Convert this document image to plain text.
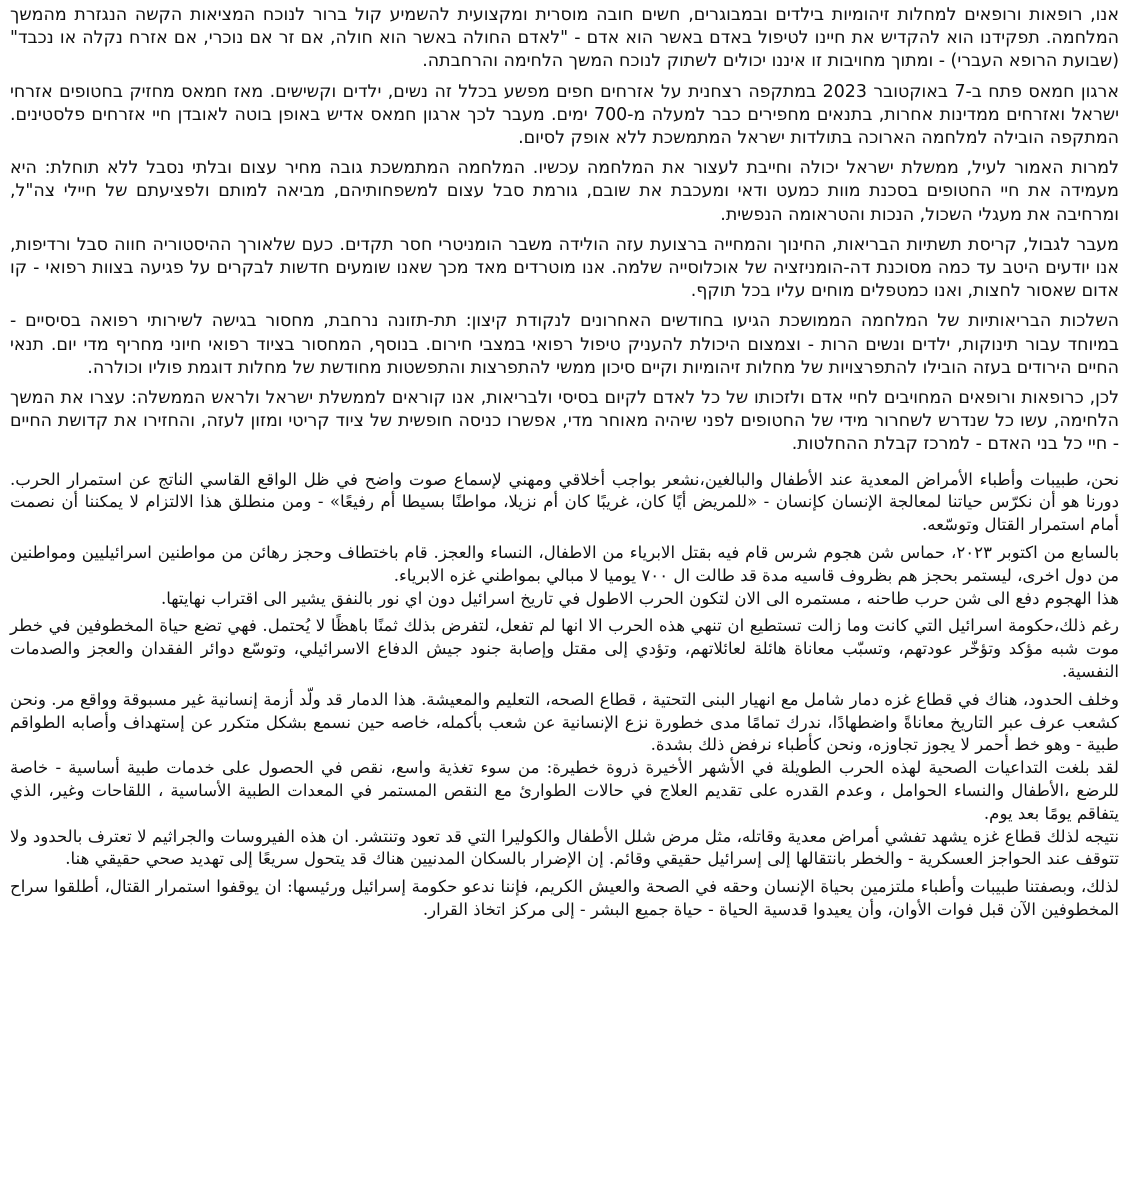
אנו, רופאות ורופאים למחלות זיהומיות בילדים ובמבוגרים, חשים חובה מוסרית ומקצועית להשמיע קול ברור לנוכח המציאות הקשה הנגזרת מהמשך המלחמה. תפקידנו הוא להקדיש את חיינו לטיפול באדם באשר הוא אדם - "לאדם החולה באשר הוא חולה, אם זר אם נוכרי, אם אזרח נקלה או נכבד" (שבועת הרופא העברי) - ומתוך מחויבות זו איננו יכולים לשתוק לנוכח המשך הלחימה והרחבתה.

ארגון חמאס פתח ב-7 באוקטובר 2023 במתקפה רצחנית על אזרחים חפים מפשע בכלל זה נשים, ילדים וקשישים. מאז חמאס מחזיק בחטופים אזרחי ישראל ואזרחים ממדינות אחרות, בתנאים מחפירים כבר למעלה מ-700 ימים. מעבר לכך ארגון חמאס אדיש באופן בוטה לאובדן חיי אזרחים פלסטינים. המתקפה הובילה למלחמה הארוכה בתולדות ישראל המתמשכת ללא אופק לסיום.

למרות האמור לעיל, ממשלת ישראל יכולה וחייבת לעצור את המלחמה עכשיו. המלחמה המתמשכת גובה מחיר עצום ובלתי נסבל ללא תוחלת: היא מעמידה את חיי החטופים בסכנת מוות כמעט ודאי ומעכבת את שובם, גורמת סבל עצום למשפחותיהם, מביאה למותם ולפציעתם של חיילי צה"ל, ומרחיבה את מעגלי השכול, הנכות והטראומה הנפשית.

מעבר לגבול, קריסת תשתיות הבריאות, החינוך והמחייה ברצועת עזה הולידה משבר הומניטרי חסר תקדים. כעם שלאורך ההיסטוריה חווה סבל ורדיפות, אנו יודעים היטב עד כמה מסוכנת דה-הומניזציה של אוכלוסייה שלמה. אנו מוטרדים מאד מכך שאנו שומעים חדשות לבקרים על פגיעה בצוות רפואי - קו אדום שאסור לחצות, ואנו כמטפלים מוחים עליו בכל תוקף.

השלכות הבריאותיות של המלחמה הממושכת הגיעו בחודשים האחרונים לנקודת קיצון: תת-תזונה נרחבת, מחסור בגישה לשירותי רפואה בסיסיים - במיוחד עבור תינוקות, ילדים ונשים הרות - וצמצום היכולת להעניק טיפול רפואי במצבי חירום. בנוסף, המחסור בציוד רפואי חיוני מחריף מדי יום. תנאי החיים הירודים בעזה הובילו להתפרצויות של מחלות זיהומיות וקיים סיכון ממשי להתפרצות והתפשטות מחודשת של מחלות דוגמת פוליו וכולרה.

לכן, כרופאות ורופאים המחויבים לחיי אדם ולזכותו של כל לאדם לקיום בסיסי ולבריאות, אנו קוראים לממשלת ישראל ולראש הממשלה: עצרו את המשך הלחימה, עשו כל שנדרש לשחרור מידי של החטופים לפני שיהיה מאוחר מדי, אפשרו כניסה חופשית של ציוד קריטי ומזון לעזה, והחזירו את קדושת החיים - חיי כל בני האדם - למרכז קבלת ההחלטות.

نحن، طبيبات وأطباء الأمراض المعدية عند الأطفال والبالغين،نشعر بواجب أخلاقي ومهني لإسماع صوت واضح في ظل الواقع القاسي الناتج عن استمرار الحرب. دورنا هو أن نكرّس حياتنا لمعالجة الإنسان كإنسان - «للمريض أيًا كان، غريبًا كان أم نزيلا، مواطنًا بسيطا أم رفيعًا» - ومن منطلق هذا الالتزام لا يمكننا أن نصمت أمام استمرار القتال وتوسّعه.

بالسابع من اكتوبر ٢٠٢٣، حماس شن هجوم شرس قام فيه بقتل الابرياء من الاطفال، النساء والعجز. قام باختطاف وحجز رهائن من مواطنين اسرائيليين ومواطنين من دول اخرى، ليستمر بحجز هم بظروف قاسيه مدة قد طالت ال ٧٠٠ يوميا لا مبالي بمواطني غزه الابرياء.

هذا الهجوم دفع الى شن حرب طاحنه ، مستمره الى الان لتكون الحرب الاطول في تاريخ اسرائيل دون اي نور بالنفق يشير الى اقتراب نهايتها.

رغم ذلك،حكومة اسرائيل التي كانت وما زالت تستطيع ان تنهي هذه الحرب الا انها لم تفعل، لتفرض بذلك ثمنًا باهظًا لا يُحتمل. فهي تضع حياة المخطوفين في خطر موت شبه مؤكد وتؤخّر عودتهم، وتسبّب معاناة هائلة لعائلاتهم، وتؤدي إلى مقتل وإصابة جنود جيش الدفاع الاسرائيلي، وتوسّع دوائر الفقدان والعجز والصدمات النفسية.

وخلف الحدود، هناك في قطاع غزه دمار شامل مع انهيار البنى التحتية ، قطاع الصحه، التعليم والمعيشة. هذا الدمار قد ولّد أزمة إنسانية غير مسبوقة وواقع مر. ونحن كشعب عرف عبر التاريخ معاناةً واضطهادًا، ندرك تمامًا مدى خطورة نزع الإنسانية عن شعب بأكمله، خاصه حين نسمع بشكل متكرر عن إستهداف وأصابه الطواقم طبية - وهو خط أحمر لا يجوز تجاوزه، ونحن كأطباء نرفض ذلك بشدة.

لقد بلغت التداعيات الصحية لهذه الحرب الطويلة في الأشهر الأخيرة ذروة خطيرة: من سوء تغذية واسع، نقص في الحصول على خدمات طبية أساسية - خاصة للرضع ،الأطفال والنساء الحوامل ، وعدم القدره على تقديم العلاج في حالات الطوارئ مع النقص المستمر في المعدات الطبية الأساسية ، اللقاحات وغير، الذي يتفاقم يومًا بعد يوم.

نتيجه لذلك قطاع غزه يشهد تفشي أمراض معدية وقاتله، مثل مرض شلل الأطفال والكوليرا التي قد تعود وتنتشر. ان هذه الفيروسات والجراثيم لا تعترف بالحدود ولا تتوقف عند الحواجز العسكرية - والخطر بانتقالها إلى إسرائيل حقيقي وقائم. إن الإضرار بالسكان المدنيين هناك قد يتحول سريعًا إلى تهديد صحي حقيقي هنا.

لذلك، وبصفتنا طبيبات وأطباء ملتزمين بحياة الإنسان وحقه في الصحة والعيش الكريم، فإننا ندعو حكومة إسرائيل ورئيسها: ان يوقفوا استمرار القتال، أطلقوا سراح المخطوفين الآن قبل فوات الأوان، وأن يعيدوا قدسية الحياة - حياة جميع البشر - إلى مركز اتخاذ القرار.
